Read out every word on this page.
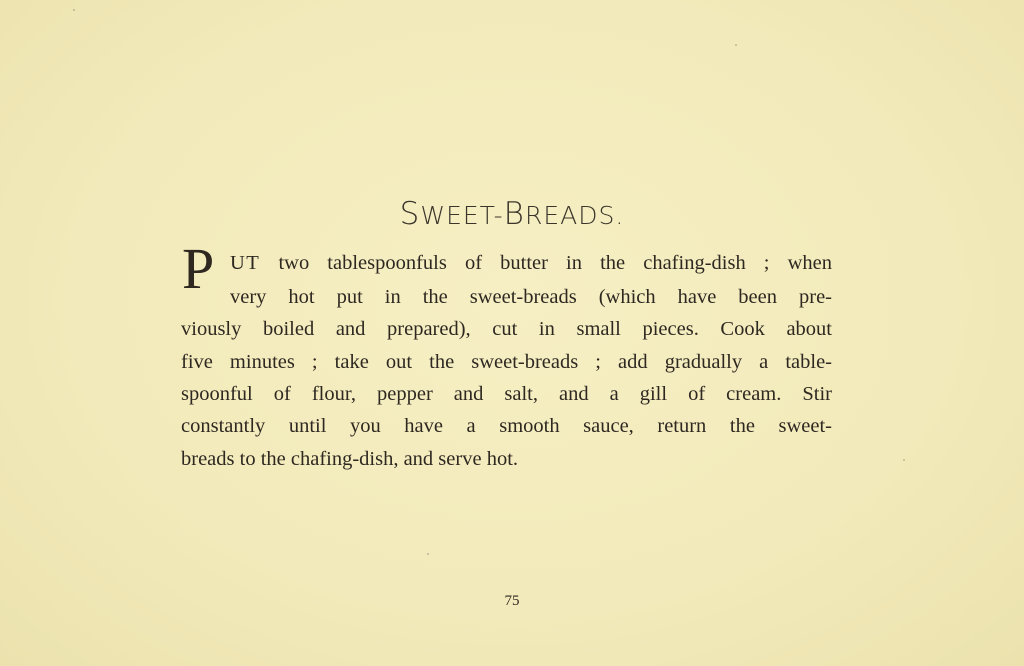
SWEET-BREADS.
P UT two tablespoonfuls of butter in the chafing-dish ; when
very hot put in the sweet-breads (which have been pre-
viously boiled and prepared), cut in small pieces. Cook about
five minutes ; take out the sweet-breads ; add gradually a table-
spoonful of flour, pepper and salt, and a gill of cream. Stir
constantly until you have a smooth sauce, return the sweet-
breads to the chafing-dish, and serve hot.
75
